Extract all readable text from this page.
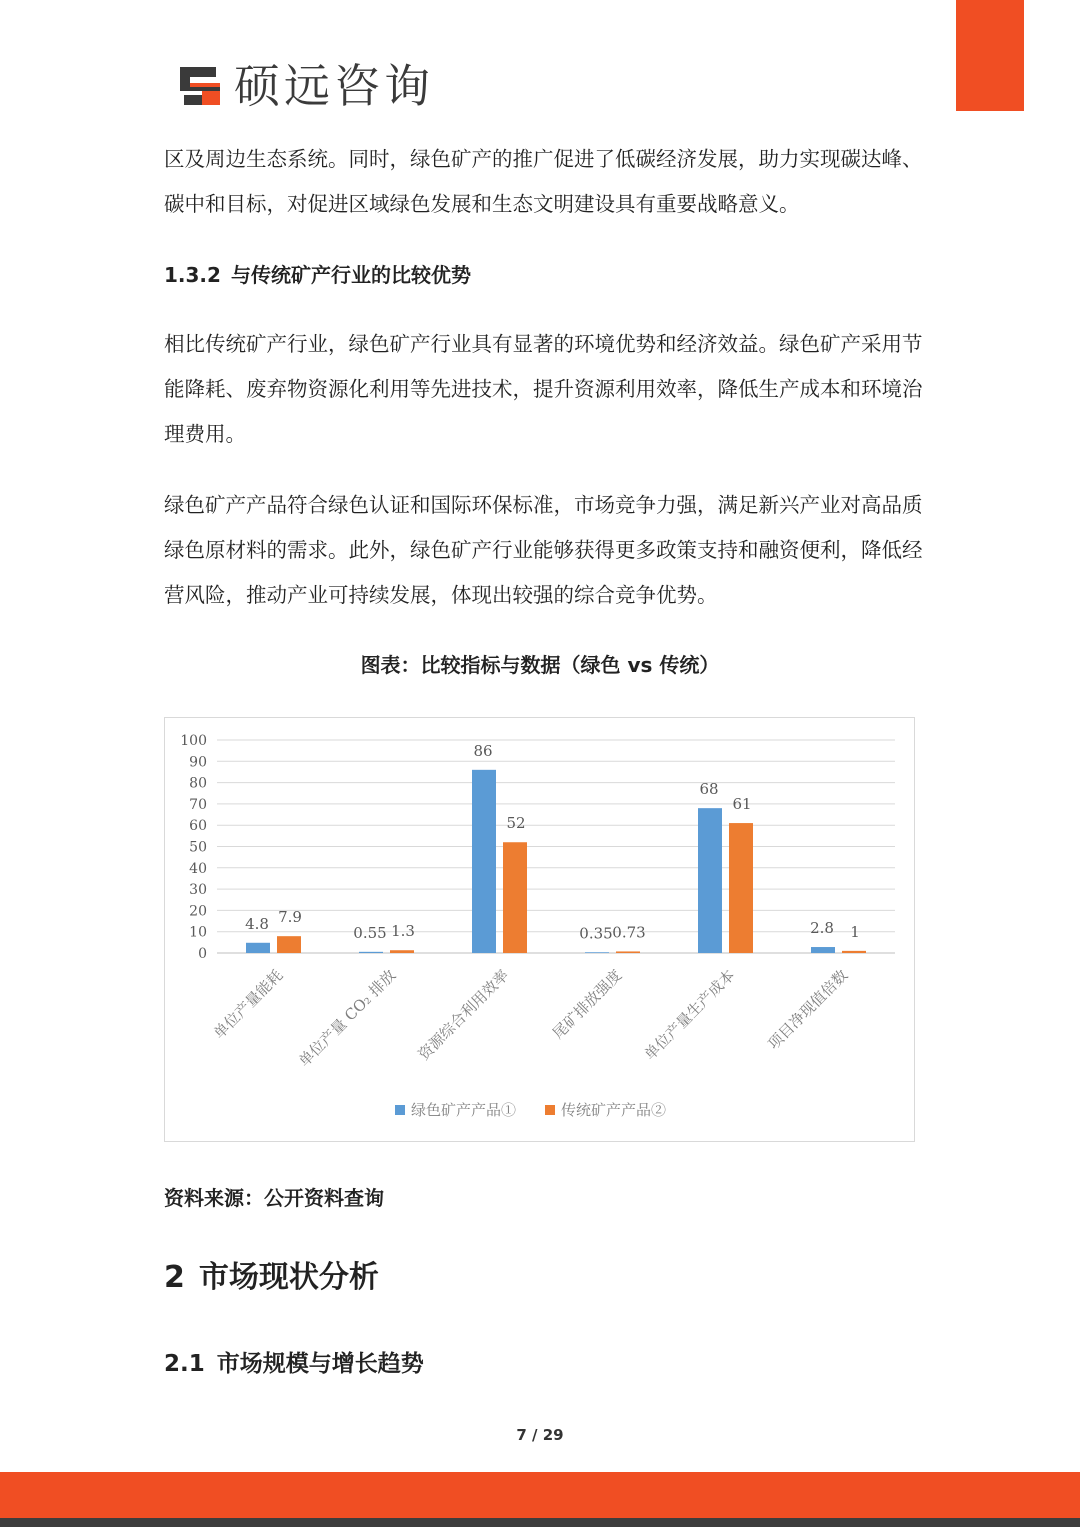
硕远咨询

区及周边生态系统。同时，绿色矿产的推广促进了低碳经济发展，助力实现碳达峰、碳中和目标，对促进区域绿色发展和生态文明建设具有重要战略意义。

1.3.2 与传统矿产行业的比较优势

相比传统矿产行业，绿色矿产行业具有显著的环境优势和经济效益。绿色矿产采用节能降耗、废弃物资源化利用等先进技术，提升资源利用效率，降低生产成本和环境治理费用。

绿色矿产产品符合绿色认证和国际环保标准，市场竞争力强，满足新兴产业对高品质绿色原材料的需求。此外，绿色矿产行业能够获得更多政策支持和融资便利，降低经营风险，推动产业可持续发展，体现出较强的综合竞争优势。

图表：比较指标与数据（绿色 vs 传统）
0
10
20
30
40
50
60
70
80
90
100
4.8
0.55
86
0.35
68
2.8
7.9
1.3
52
0.73
61
1
单位产量能耗 单位产量 CO₂ 排放 资源综合利用效率 尾矿排放强度 单位产量生产成本 项目净现值倍数
绿色矿产产品①	传统矿产产品②
资料来源：公开资料查询
2 市场现状分析
2.1 市场规模与增长趋势
7 / 29
